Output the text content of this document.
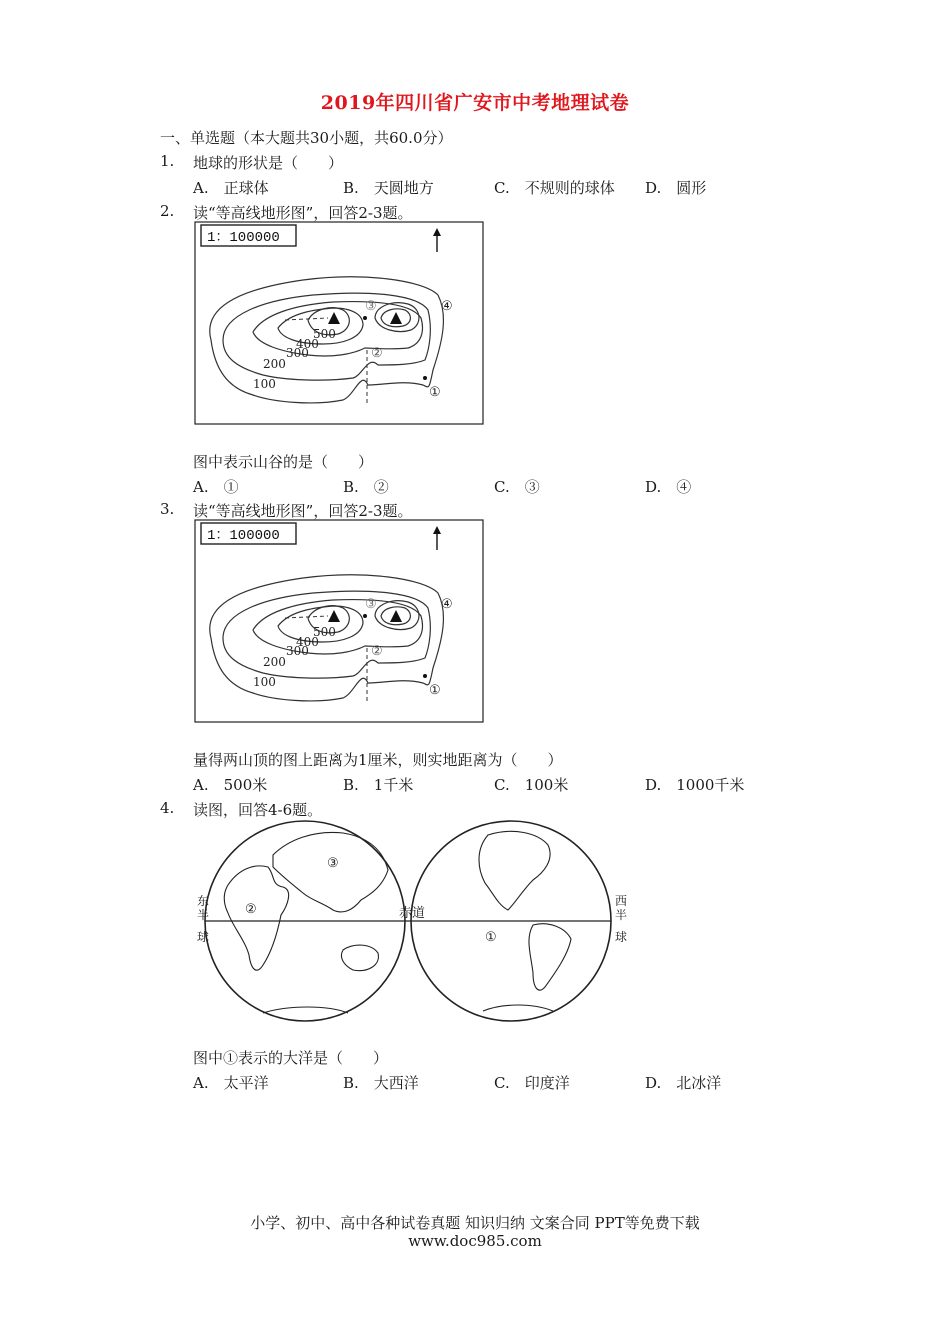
2019年四川省广安市中考地理试卷
一、单选题（本大题共30小题，共60.0分）
1. 地球的形状是（　　）
A.　正球体	B.　天圆地方	C.　不规则的球体 D.　圆形
2. 读“等高线地形图”，回答2-3题。
1：100000
500
400
300
200
100
①
②
③	④
图中表示山谷的是（　　）
A.　①	B.　②	C.　③	D.　④
3. 读“等高线地形图”，回答2-3题。
1：100000
500
400
300
200
100
①
②
③	④
量得两山顶的图上距离为1厘米，则实地距离为（　　）
A.　500米	B.　1千米	C.　100米	D.　1000千米
4. 读图，回答4-6题。
东
半
球
西
半
球
赤道
①
②
③
图中①表示的大洋是（　　）
A.　太平洋	B.　大西洋	C.　印度洋	D.　北冰洋
小学、初中、高中各种试卷真题 知识归纳 文案合同 PPT等免费下载
www.doc985.com
